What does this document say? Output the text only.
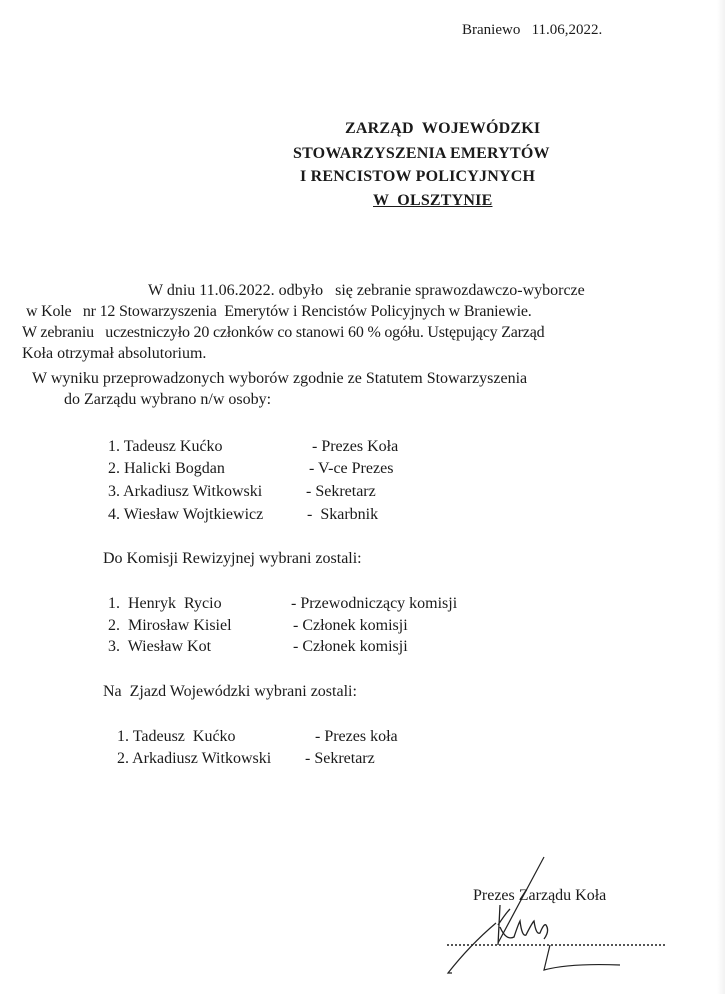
Braniewo 11.06,2022.
ZARZĄD  WOJEWÓDZKI
STOWARZYSZENIA EMERYTÓW
I RENCISTOW POLICYJNYCH
W  OLSZTYNIE
W dniu 11.06.2022. odbyło   się zebranie sprawozdawczo-wyborcze
w Kole   nr 12 Stowarzyszenia  Emerytów i Rencistów Policyjnych w Braniewie.
W zebraniu   uczestniczyło 20 członków co stanowi 60 % ogółu. Ustępujący Zarząd
Koła otrzymał absolutorium.
W wyniku przeprowadzonych wyborów zgodnie ze Statutem Stowarzyszenia
do Zarządu wybrano n/w osoby:
1. Tadeusz Kućko	- Prezes Koła
2. Halicki Bogdan	- V-ce Prezes
3. Arkadiusz Witkowski	- Sekretarz
4. Wiesław Wojtkiewicz	-  Skarbnik
Do Komisji Rewizyjnej wybrani zostali:
1.  Henryk  Rycio	- Przewodniczący komisji
2.  Mirosław Kisiel	- Członek komisji
3.  Wiesław Kot	- Członek komisji
Na  Zjazd Wojewódzki wybrani zostali:
1. Tadeusz  Kućko	- Prezes koła
2. Arkadiusz Witkowski - Sekretarz
Prezes Zarządu Koła
